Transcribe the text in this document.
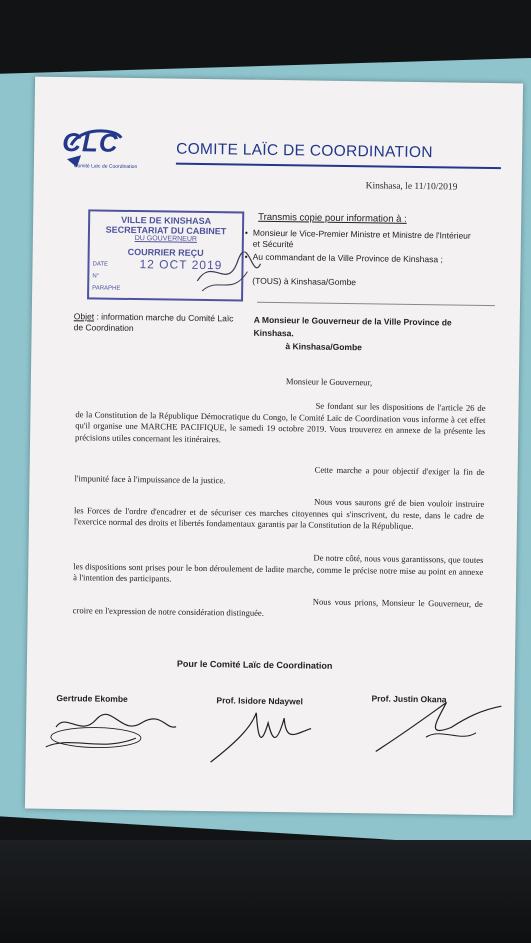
CLC
Comité Laïc de Coordination
COMITE LAÏC DE COORDINATION
Kinshasa, le 11/10/2019
VILLE DE KINSHASA
SECRETARIAT DU CABINET
DU GOUVERNEUR
COURRIER REÇU
DATE	12 OCT 2019
N°
PARAPHE
Transmis copie pour information à :
• Monsieur le Vice-Premier Ministre et Ministre de l'Intérieur et Sécurité
• Au commandant de la Ville Province de Kinshasa ;
(TOUS) à Kinshasa/Gombe
Objet : information marche du Comité Laïc de Coordination
A Monsieur le Gouverneur de la Ville Province de Kinshasa.
à Kinshasa/Gombe
Monsieur le Gouverneur,
Se fondant sur les dispositions de l'article 26 de de la Constitution de la République Démocratique du Congo, le Comité Laïc de Coordination vous informe à cet effet qu'il organise une MARCHE PACIFIQUE, le samedi 19 octobre 2019. Vous trouverez en annexe de la présente les précisions utiles concernant les itinéraires.
Cette marche a pour objectif d'exiger la fin de l'impunité face à l'impuissance de la justice.
Nous vous saurons gré de bien vouloir instruire les Forces de l'ordre d'encadrer et de sécuriser ces marches citoyennes qui s'inscrivent, du reste, dans le cadre de l'exercice normal des droits et libertés fondamentaux garantis par la Constitution de la République.
De notre côté, nous vous garantissons, que toutes les dispositions sont prises pour le bon déroulement de ladite marche, comme le précise notre mise au point en annexe à l'intention des participants.
Nous vous prions, Monsieur le Gouverneur, de croire en l'expression de notre considération distinguée.
Pour le Comité Laïc de Coordination
Gertrude Ekombe	Prof. Isidore Ndaywel	Prof. Justin Okana
